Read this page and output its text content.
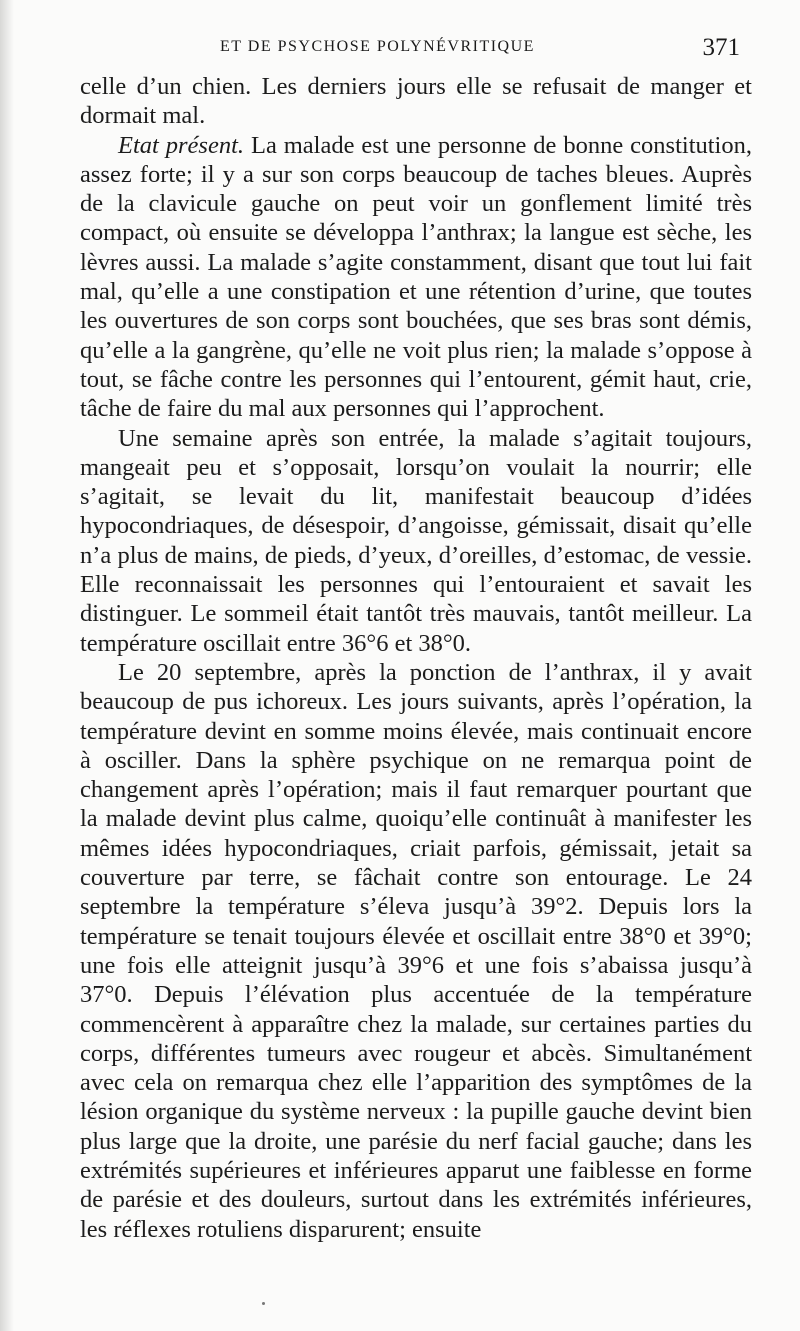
ET DE PSYCHOSE POLYNÉVRITIQUE	371

celle d’un chien. Les derniers jours elle se refusait de manger et dormait mal.

Etat présent. La malade est une personne de bonne constitution, assez forte; il y a sur son corps beaucoup de taches bleues. Auprès de la clavicule gauche on peut voir un gonflement limité très compact, où ensuite se développa l’anthrax; la langue est sèche, les lèvres aussi. La malade s’agite constamment, disant que tout lui fait mal, qu’elle a une constipation et une rétention d’urine, que toutes les ouvertures de son corps sont bouchées, que ses bras sont démis, qu’elle a la gangrène, qu’elle ne voit plus rien; la malade s’oppose à tout, se fâche contre les personnes qui l’entourent, gémit haut, crie, tâche de faire du mal aux personnes qui l’approchent.

Une semaine après son entrée, la malade s’agitait toujours, mangeait peu et s’opposait, lorsqu’on voulait la nourrir; elle s’agitait, se levait du lit, manifestait beaucoup d’idées hypocondriaques, de désespoir, d’angoisse, gémissait, disait qu’elle n’a plus de mains, de pieds, d’yeux, d’oreilles, d’estomac, de vessie. Elle reconnaissait les personnes qui l’entouraient et savait les distinguer. Le sommeil était tantôt très mauvais, tantôt meilleur. La température oscillait entre 36°6 et 38°0.

Le 20 septembre, après la ponction de l’anthrax, il y avait beaucoup de pus ichoreux. Les jours suivants, après l’opération, la température devint en somme moins élevée, mais continuait encore à osciller. Dans la sphère psychique on ne remarqua point de changement après l’opération; mais il faut remarquer pourtant que la malade devint plus calme, quoiqu’elle continuât à manifester les mêmes idées hypocondriaques, criait parfois, gémissait, jetait sa couverture par terre, se fâchait contre son entourage. Le 24 septembre la température s’éleva jusqu’à 39°2. Depuis lors la température se tenait toujours élevée et oscillait entre 38°0 et 39°0; une fois elle atteignit jusqu’à 39°6 et une fois s’abaissa jusqu’à 37°0. Depuis l’élévation plus accentuée de la température commencèrent à apparaître chez la malade, sur certaines parties du corps, différentes tumeurs avec rougeur et abcès. Simultanément avec cela on remarqua chez elle l’apparition des symptômes de la lésion organique du système nerveux : la pupille gauche devint bien plus large que la droite, une parésie du nerf facial gauche; dans les extrémités supérieures et inférieures apparut une faiblesse en forme de parésie et des douleurs, surtout dans les extrémités inférieures, les réflexes rotuliens disparurent; ensuite
